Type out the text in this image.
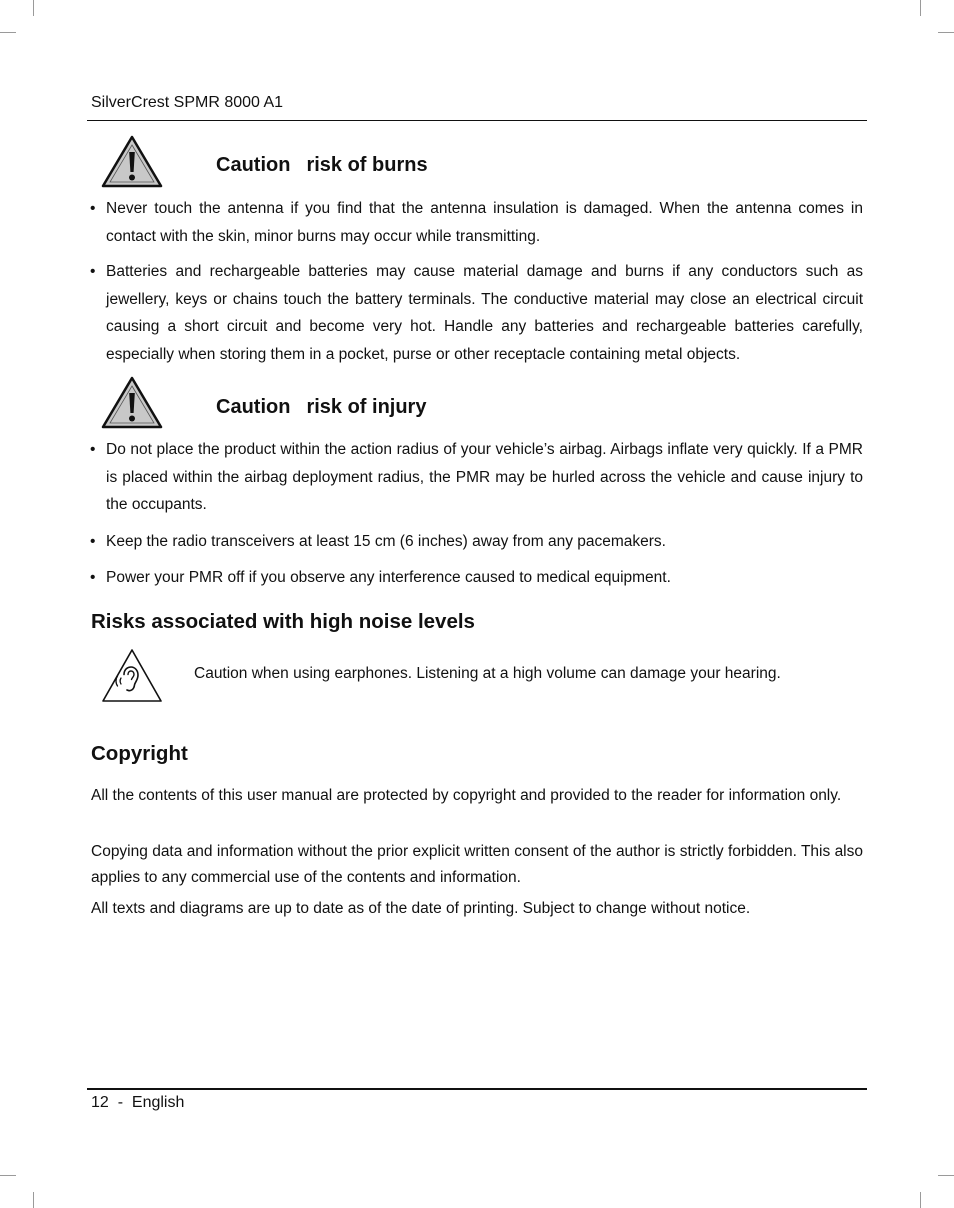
SilverCrest SPMR 8000 A1
Caution risk of burns
• Never touch the antenna if you find that the antenna insulation is damaged. When the antenna comes in contact with the skin, minor burns may occur while transmitting.
• Batteries and rechargeable batteries may cause material damage and burns if any conductors such as jewellery, keys or chains touch the battery terminals. The conductive material may close an electrical circuit causing a short circuit and become very hot. Handle any batteries and rechargeable batteries carefully, especially when storing them in a pocket, purse or other receptacle containing metal objects.
Caution risk of injury
• Do not place the product within the action radius of your vehicle’s airbag. Airbags inflate very quickly. If a PMR is placed within the airbag deployment radius, the PMR may be hurled across the vehicle and cause injury to the occupants.
• Keep the radio transceivers at least 15 cm (6 inches) away from any pacemakers.
• Power your PMR off if you observe any interference caused to medical equipment.
Risks associated with high noise levels
Caution when using earphones. Listening at a high volume can damage your hearing.
Copyright
All the contents of this user manual are protected by copyright and provided to the reader for information only.
Copying data and information without the prior explicit written consent of the author is strictly forbidden. This also applies to any commercial use of the contents and information.
All texts and diagrams are up to date as of the date of printing. Subject to change without notice.
12  -  English
